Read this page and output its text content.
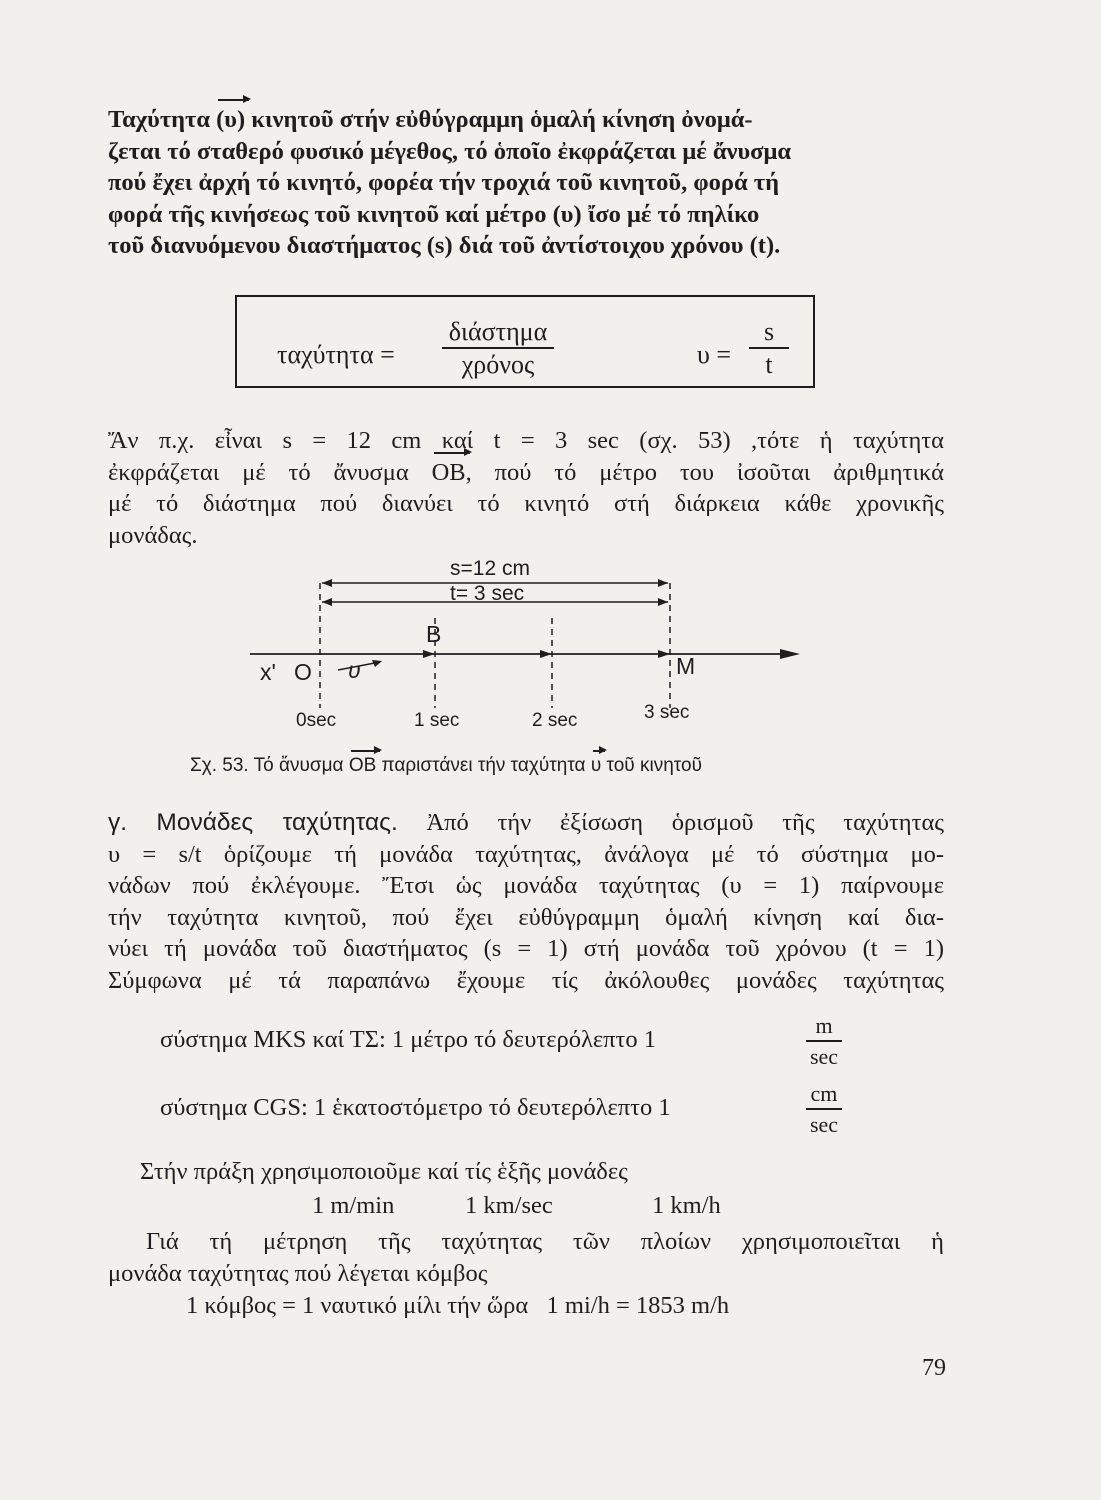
Ταχύτητα (υ) κινητοῦ στήν εὐθύγραμμη ὁμαλή κίνηση ὀνομά-

ζεται τό σταθερό φυσικό μέγεθος, τό ὁποῖο ἐκφράζεται μέ ἄνυσμα

πού ἔχει ἀρχή τό κινητό, φορέα τήν τροχιά τοῦ κινητοῦ, φορά τή

φορά τῆς κινήσεως τοῦ κινητοῦ καί μέτρο (υ) ἴσο μέ τό πηλίκο

τοῦ διανυόμενου διαστήματος (s) διά τοῦ ἀντίστοιχου χρόνου (t).

ταχύτητα =
διάστημα
χρόνος	$\upsilon = \frac{s}{t}$

Ἄν π.χ. εἶναι s = 12 cm καί t = 3 sec (σχ. 53) ,τότε ἡ ταχύτητα

ἐκφράζεται μέ τό ἄνυσμα OB, πού τό μέτρο του ἰσοῦται ἀριθμητικά

μέ τό διάστημα πού διανύει τό κινητό στή διάρκεια κάθε χρονικῆς

μονάδας.

s=12 cm
t= 3 sec
υ
B
x' O	M
0sec	1 sec	2 sec	3 sec
Σχ. 53. Τό ἄνυσμα OB παριστάνει τήν ταχύτητα υ τοῦ κινητοῦ

γ. Μονάδες ταχύτητας. Ἀπό τήν ἐξίσωση ὁρισμοῦ τῆς ταχύτητας

υ = s/t ὁρίζουμε τή μονάδα ταχύτητας, ἀνάλογα μέ τό σύστημα μο-

νάδων πού ἐκλέγουμε. Ἔτσι ὡς μονάδα ταχύτητας (υ = 1) παίρνουμε

τήν ταχύτητα κινητοῦ, πού ἔχει εὐθύγραμμη ὁμαλή κίνηση καί δια-

νύει τή μονάδα τοῦ διαστήματος (s = 1) στή μονάδα τοῦ χρόνου (t = 1)

Σύμφωνα μέ τά παραπάνω ἔχουμε τίς ἀκόλουθες μονάδες ταχύτητας

σύστημα MKS καί ΤΣ: 1 μέτρο τό δευτερόλεπτο 1
m
sec
σύστημα CGS: 1 ἑκατοστόμετρο τό δευτερόλεπτο 1
cm
sec
Στήν πράξη χρησιμοποιοῦμε καί τίς ἑξῆς μονάδες
1 m/min	1 km/sec	1 km/h

Γιά τή μέτρηση τῆς ταχύτητας τῶν πλοίων χρησιμοποιεῖται ἡ

μονάδα ταχύτητας πού λέγεται κόμβος

1 κόμβος = 1 ναυτικό μίλι τήν ὥρα   1 mi/h = 1853 m/h
79
